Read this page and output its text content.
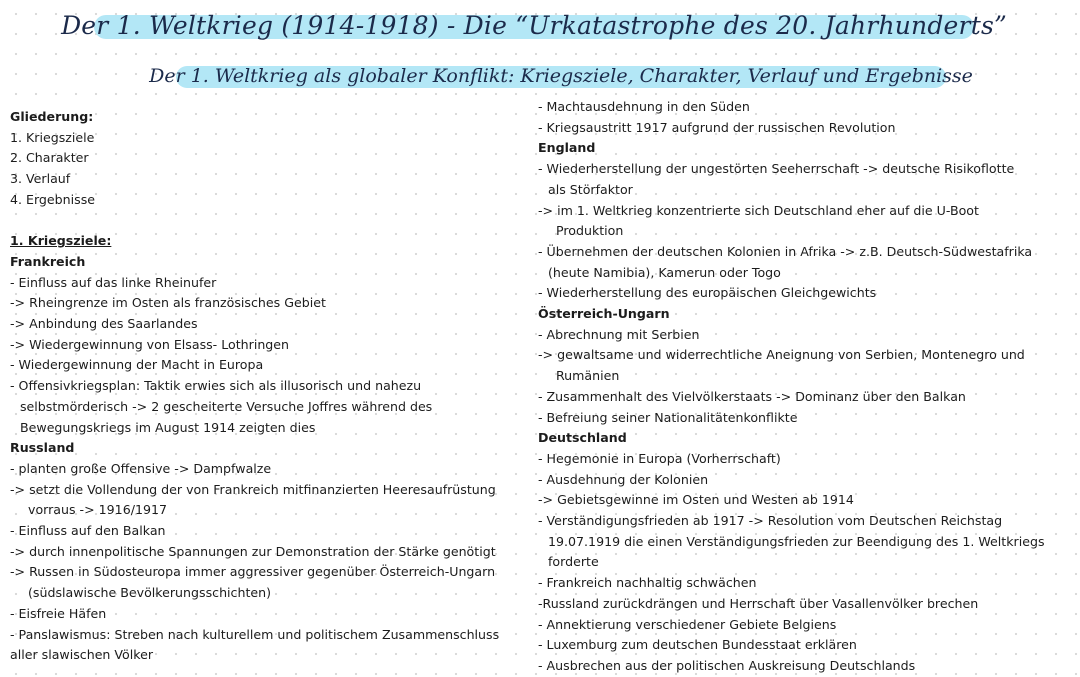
Der 1. Weltkrieg (1914-1918) - Die “Urkatastrophe des 20. Jahrhunderts”
Der 1. Weltkrieg als globaler Konflikt: Kriegsziele, Charakter, Verlauf und Ergebnisse
Gliederung:
1. Kriegsziele
2. Charakter
3. Verlauf
4. Ergebnisse
1. Kriegsziele:
Frankreich
- Einfluss auf das linke Rheinufer
-> Rheingrenze im Osten als französisches Gebiet
-> Anbindung des Saarlandes
-> Wiedergewinnung von Elsass- Lothringen
- Wiedergewinnung der Macht in Europa
- Offensivkriegsplan: Taktik erwies sich als illusorisch und nahezu
selbstmörderisch -> 2 gescheiterte Versuche Joffres während des
Bewegungskriegs im August 1914 zeigten dies
Russland
- planten große Offensive -> Dampfwalze
-> setzt die Vollendung der von Frankreich mitfinanzierten Heeresaufrüstung
vorraus -> 1916/1917
- Einfluss auf den Balkan
-> durch innenpolitische Spannungen zur Demonstration der Stärke genötigt
-> Russen in Südosteuropa immer aggressiver gegenüber Österreich-Ungarn
(südslawische Bevölkerungsschichten)
- Eisfreie Häfen
- Panslawismus: Streben nach kulturellem und politischem Zusammenschluss
aller slawischen Völker
- Machtausdehnung in den Süden
- Kriegsaustritt 1917 aufgrund der russischen Revolution
England
- Wiederherstellung der ungestörten Seeherrschaft -> deutsche Risikoflotte
als Störfaktor
-> im 1. Weltkrieg konzentrierte sich Deutschland eher auf die U-Boot
Produktion
- Übernehmen der deutschen Kolonien in Afrika -> z.B. Deutsch-Südwestafrika
(heute Namibia), Kamerun oder Togo
- Wiederherstellung des europäischen Gleichgewichts
Österreich-Ungarn
- Abrechnung mit Serbien
-> gewaltsame und widerrechtliche Aneignung von Serbien, Montenegro und
Rumänien
- Zusammenhalt des Vielvölkerstaats -> Dominanz über den Balkan
- Befreiung seiner Nationalitätenkonflikte
Deutschland
- Hegemonie in Europa (Vorherrschaft)
- Ausdehnung der Kolonien
-> Gebietsgewinne im Osten und Westen ab 1914
- Verständigungsfrieden ab 1917 -> Resolution vom Deutschen Reichstag
19.07.1919 die einen Verständigungsfrieden zur Beendigung des 1. Weltkriegs
forderte
- Frankreich nachhaltig schwächen
-Russland zurückdrängen und Herrschaft über Vasallenvölker brechen
- Annektierung verschiedener Gebiete Belgiens
- Luxemburg zum deutschen Bundesstaat erklären
- Ausbrechen aus der politischen Auskreisung Deutschlands
